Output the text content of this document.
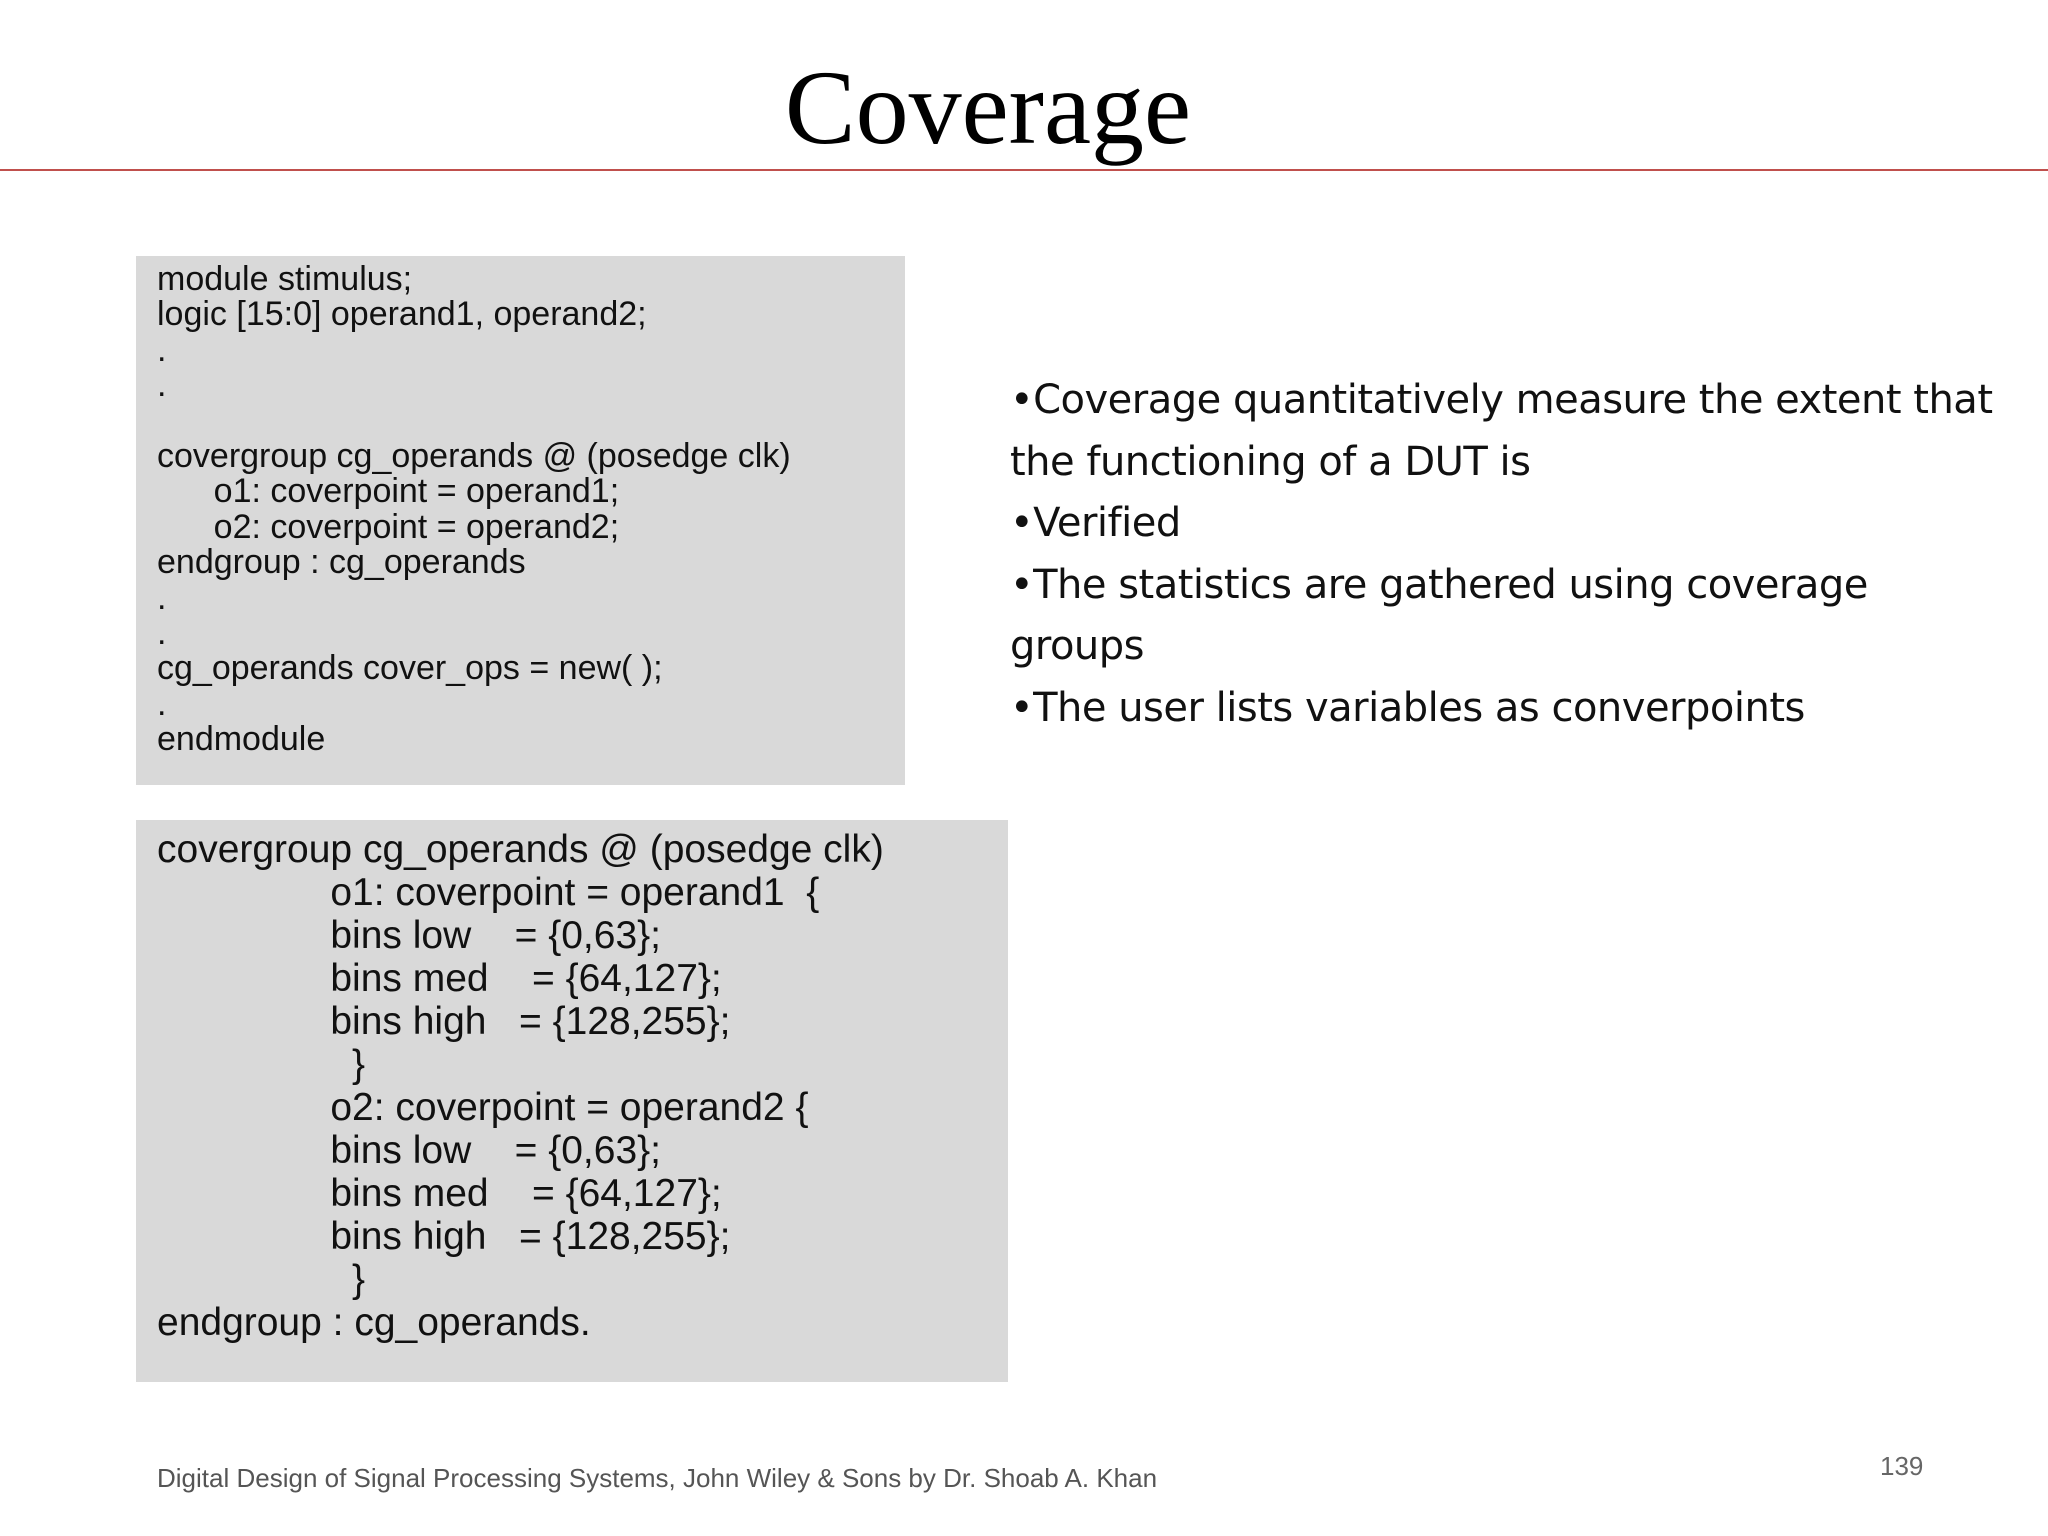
Coverage
module stimulus;
logic [15:0] operand1, operand2;
.
.

covergroup cg_operands @ (posedge clk)
o1: coverpoint = operand1;
o2: coverpoint = operand2;
endgroup : cg_operands
.
.
cg_operands cover_ops = new( );
.
endmodule
covergroup cg_operands @ (posedge clk)
o1: coverpoint = operand1  {
bins low    = {0,63};
bins med    = {64,127};
bins high   = {128,255};
}
o2: coverpoint = operand2 {
bins low    = {0,63};
bins med    = {64,127};
bins high   = {128,255};
}
endgroup : cg_operands.

•Coverage quantitatively measure the extent that the functioning of a DUT is

•Verified

•The statistics are gathered using coverage groups

•The user lists variables as converpoints

Digital Design of Signal Processing Systems, John Wiley & Sons by Dr. Shoab A. Khan	139
